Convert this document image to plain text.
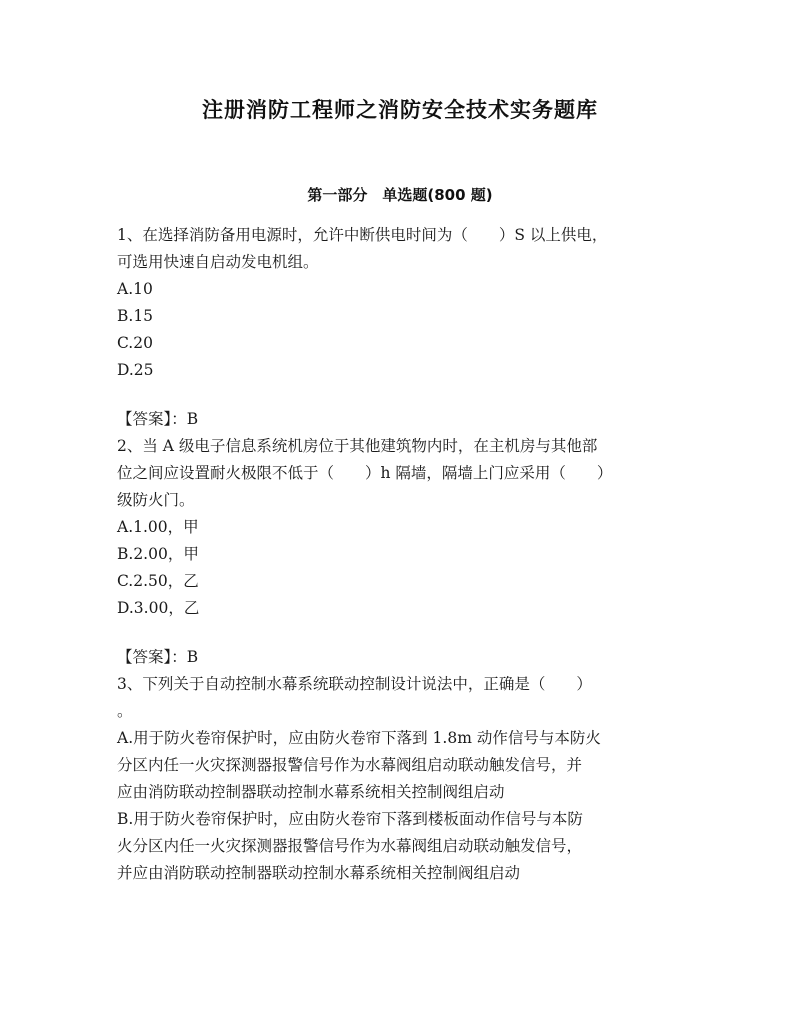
注册消防工程师之消防安全技术实务题库
第一部分　单选题(800 题)
1、在选择消防备用电源时，允许中断供电时间为（　　）S 以上供电，
可选用快速自启动发电机组。
A.10
B.15
C.20
D.25
【答案】：B
2、当 A 级电子信息系统机房位于其他建筑物内时，在主机房与其他部
位之间应设置耐火极限不低于（　　）h 隔墙，隔墙上门应采用（　　）
级防火门。
A.1.00，甲
B.2.00，甲
C.2.50，乙
D.3.00，乙
【答案】：B
3、下列关于自动控制水幕系统联动控制设计说法中，正确是（　　）
。
A.用于防火卷帘保护时，应由防火卷帘下落到 1.8m 动作信号与本防火
分区内任一火灾探测器报警信号作为水幕阀组启动联动触发信号，并
应由消防联动控制器联动控制水幕系统相关控制阀组启动
B.用于防火卷帘保护时，应由防火卷帘下落到楼板面动作信号与本防
火分区内任一火灾探测器报警信号作为水幕阀组启动联动触发信号，
并应由消防联动控制器联动控制水幕系统相关控制阀组启动
